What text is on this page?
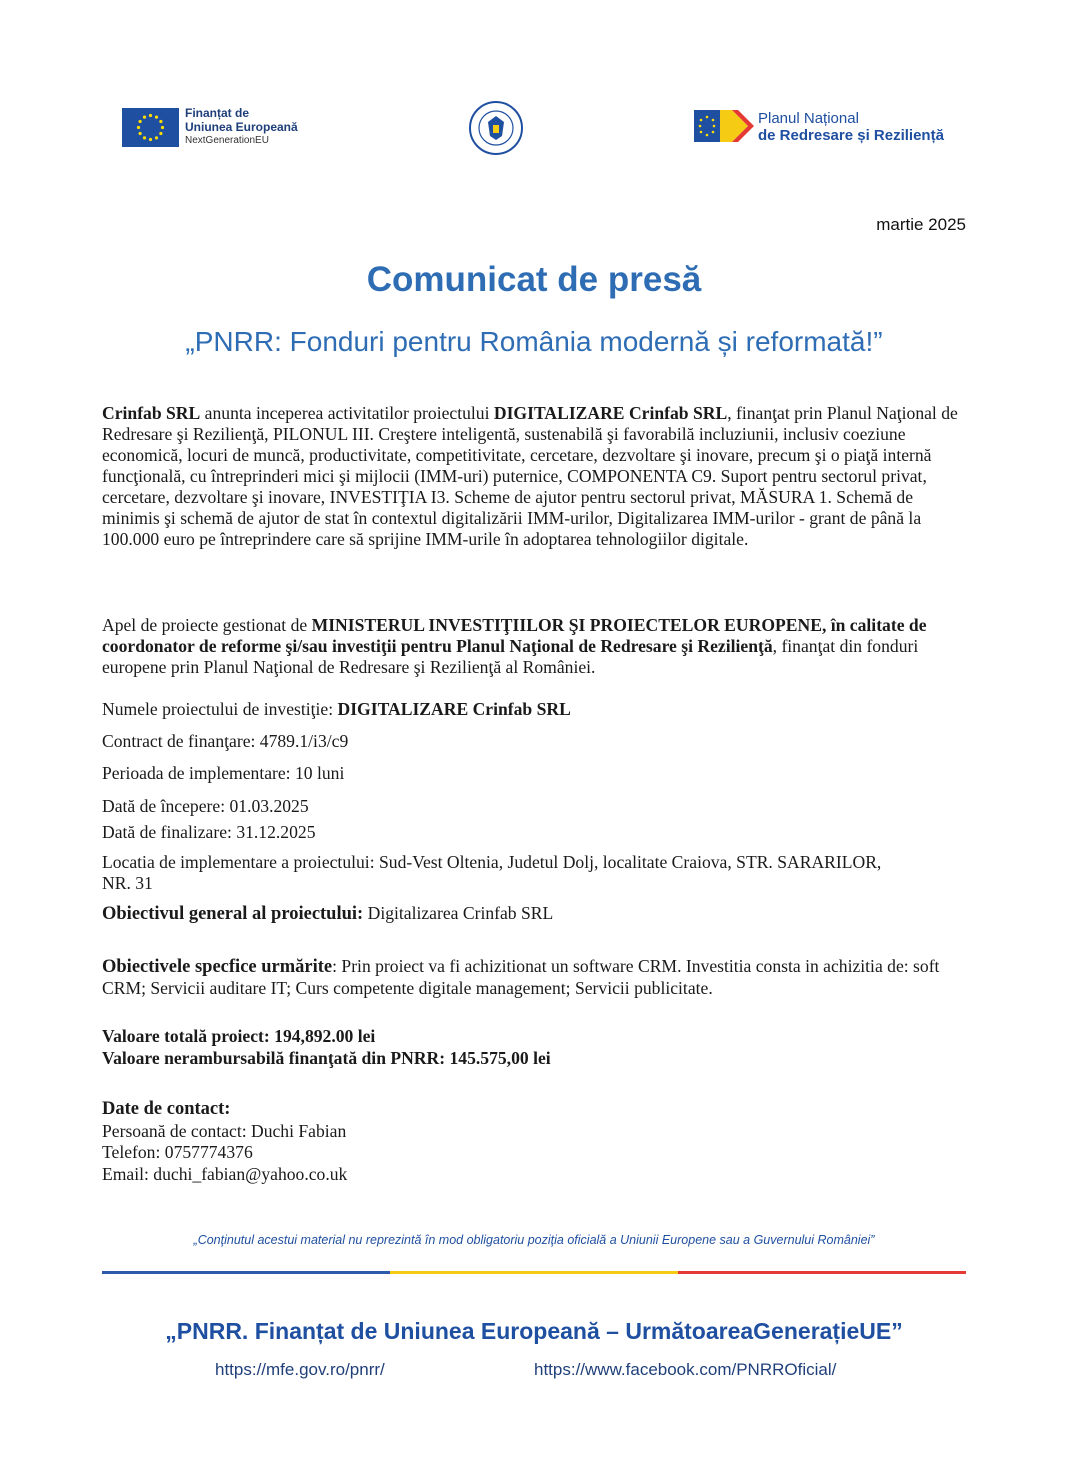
Finanțat de
Uniunea Europeană
NextGenerationEU
Planul Național
de Redresare și Reziliență
martie 2025
Comunicat de presă
„PNRR: Fonduri pentru România modernă și reformată!”
Crinfab SRL anunta inceperea activitatilor proiectului DIGITALIZARE Crinfab SRL, finanţat prin Planul Naţional de Redresare şi Rezilienţă, PILONUL III. Creştere inteligentă, sustenabilă şi favorabilă incluziunii, inclusiv coeziune economică, locuri de muncă, productivitate, competitivitate, cercetare, dezvoltare şi inovare, precum şi o piaţă internă funcţională, cu întreprinderi mici şi mijlocii (IMM-uri) puternice, COMPONENTA C9. Suport pentru sectorul privat, cercetare, dezvoltare şi inovare, INVESTIŢIA I3. Scheme de ajutor pentru sectorul privat, MĂSURA 1. Schemă de minimis şi schemă de ajutor de stat în contextul digitalizării IMM-urilor, Digitalizarea IMM-urilor - grant de până la 100.000 euro pe întreprindere care să sprijine IMM-urile în adoptarea tehnologiilor digitale.
Apel de proiecte gestionat de MINISTERUL INVESTIŢIILOR ŞI PROIECTELOR EUROPENE, în calitate de coordonator de reforme şi/sau investiţii pentru Planul Naţional de Redresare şi Rezilienţă, finanţat din fonduri europene prin Planul Naţional de Redresare şi Rezilienţă al României.
Numele proiectului de investiţie: DIGITALIZARE Crinfab SRL
Contract de finanţare: 4789.1/i3/c9
Perioada de implementare: 10 luni
Dată de începere: 01.03.2025
Dată de finalizare: 31.12.2025
Locatia de implementare a proiectului: Sud-Vest Oltenia, Judetul Dolj, localitate Craiova, STR. SARARILOR, NR. 31
Obiectivul general al proiectului: Digitalizarea Crinfab SRL
Obiectivele specfice urmărite: Prin proiect va fi achizitionat un software CRM. Investitia consta in achizitia de: soft CRM; Servicii auditare IT; Curs competente digitale management; Servicii publicitate.
Valoare totală proiect: 194,892.00 lei
Valoare nerambursabilă finanţată din PNRR: 145.575,00 lei
Date de contact:
Persoană de contact: Duchi Fabian
Telefon: 0757774376
Email: duchi_fabian@yahoo.co.uk
„Conţinutul acestui material nu reprezintă în mod obligatoriu poziţia oficială a Uniunii Europene sau a Guvernului României”
„PNRR. Finanțat de Uniunea Europeană – UrmătoareaGenerațieUE”
https://mfe.gov.ro/pnrr/	https://www.facebook.com/PNRROficial/
